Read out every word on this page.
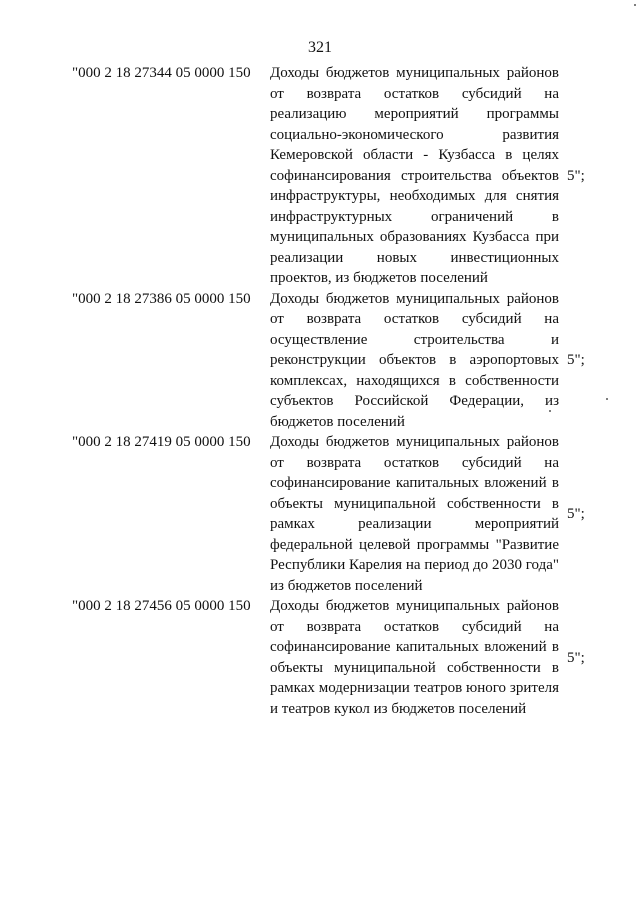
321
"000 2 18 27344 05 0000 150 Доходы бюджетов муниципальных районов от возврата остатков субсидий на реализацию мероприятий программы социально-экономического развития Кемеровской области - Кузбасса в целях софинансирования строительства объектов инфраструктуры, необходимых для снятия инфраструктурных ограничений в муниципальных образованиях Кузбасса при реализации новых инвестиционных проектов, из бюджетов поселений
5";
"000 2 18 27386 05 0000 150 Доходы бюджетов муниципальных районов от возврата остатков субсидий на осуществление строительства и реконструкции объектов в аэропортовых комплексах, находящихся в собственности субъектов Российской Федерации, из бюджетов поселений
5";
"000 2 18 27419 05 0000 150 Доходы бюджетов муниципальных районов от возврата остатков субсидий на софинансирование капитальных вложений в объекты муниципальной собственности в рамках реализации мероприятий федеральной целевой программы "Развитие Республики Карелия на период до 2030 года" из бюджетов поселений
5";
"000 2 18 27456 05 0000 150 Доходы бюджетов муниципальных районов от возврата остатков субсидий на софинансирование капитальных вложений в объекты муниципальной собственности в рамках модернизации театров юного зрителя и театров кукол из бюджетов поселений
5";
